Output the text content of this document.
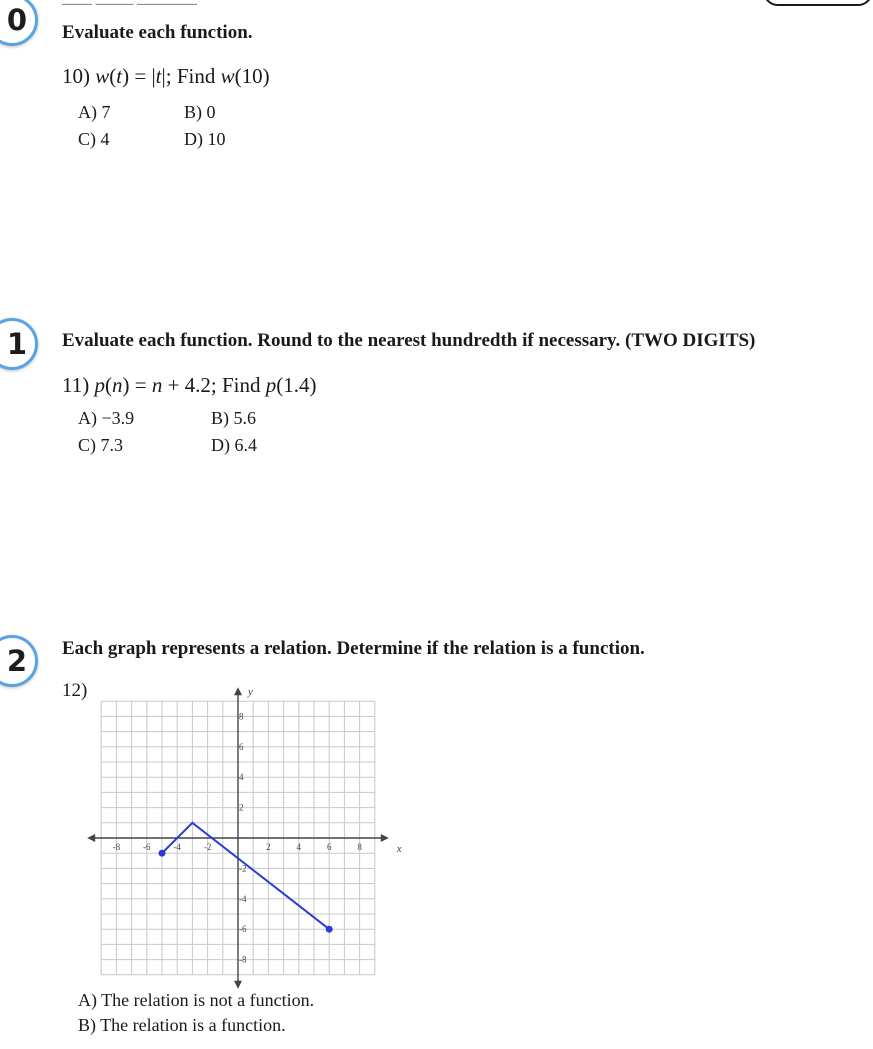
0	Evaluate each function.
10) w(t) = |t|; Find w(10)
A) 7	B) 0
C) 4	D) 10
1	Evaluate each function. Round to the nearest hundredth if necessary. (TWO DIGITS)
11) p(n) = n + 4.2; Find p(1.4)
A) −3.9	B) 5.6
C) 7.3	D) 6.4
2	Each graph represents a relation. Determine if the relation is a function.
12)
-8	-6	-4	-2	2	4	6	8
8
6
4
2
-2
-4
-6
-8
x
y
A) The relation is not a function.
B) The relation is a function.
